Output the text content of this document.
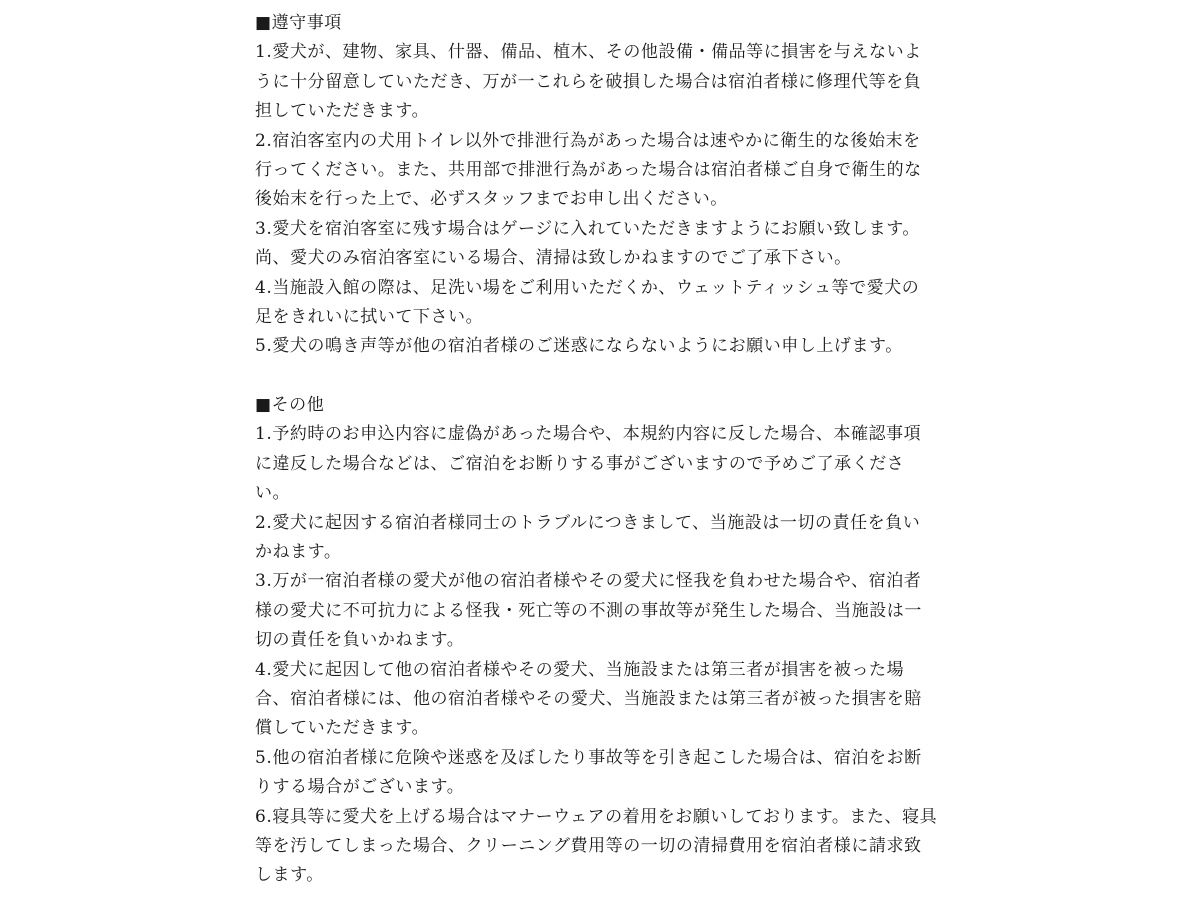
■遵守事項
1.愛犬が、建物、家具、什器、備品、植木、その他設備・備品等に損害を与えないよ
うに十分留意していただき、万が一これらを破損した場合は宿泊者様に修理代等を負
担していただきます。
2.宿泊客室内の犬用トイレ以外で排泄行為があった場合は速やかに衛生的な後始末を
行ってください。また、共用部で排泄行為があった場合は宿泊者様ご自身で衛生的な
後始末を行った上で、必ずスタッフまでお申し出ください。
3.愛犬を宿泊客室に残す場合はゲージに入れていただきますようにお願い致します。
尚、愛犬のみ宿泊客室にいる場合、清掃は致しかねますのでご了承下さい。
4.当施設入館の際は、足洗い場をご利用いただくか、ウェットティッシュ等で愛犬の
足をきれいに拭いて下さい。
5.愛犬の鳴き声等が他の宿泊者様のご迷惑にならないようにお願い申し上げます。
■その他
1.予約時のお申込内容に虚偽があった場合や、本規約内容に反した場合、本確認事項
に違反した場合などは、ご宿泊をお断りする事がございますので予めご了承くださ
い。
2.愛犬に起因する宿泊者様同士のトラブルにつきまして、当施設は一切の責任を負い
かねます。
3.万が一宿泊者様の愛犬が他の宿泊者様やその愛犬に怪我を負わせた場合や、宿泊者
様の愛犬に不可抗力による怪我・死亡等の不測の事故等が発生した場合、当施設は一
切の責任を負いかねます。
4.愛犬に起因して他の宿泊者様やその愛犬、当施設または第三者が損害を被った場
合、宿泊者様には、他の宿泊者様やその愛犬、当施設または第三者が被った損害を賠
償していただきます。
5.他の宿泊者様に危険や迷惑を及ぼしたり事故等を引き起こした場合は、宿泊をお断
りする場合がございます。
6.寝具等に愛犬を上げる場合はマナーウェアの着用をお願いしております。また、寝具
等を汚してしまった場合、クリーニング費用等の一切の清掃費用を宿泊者様に請求致
します。
